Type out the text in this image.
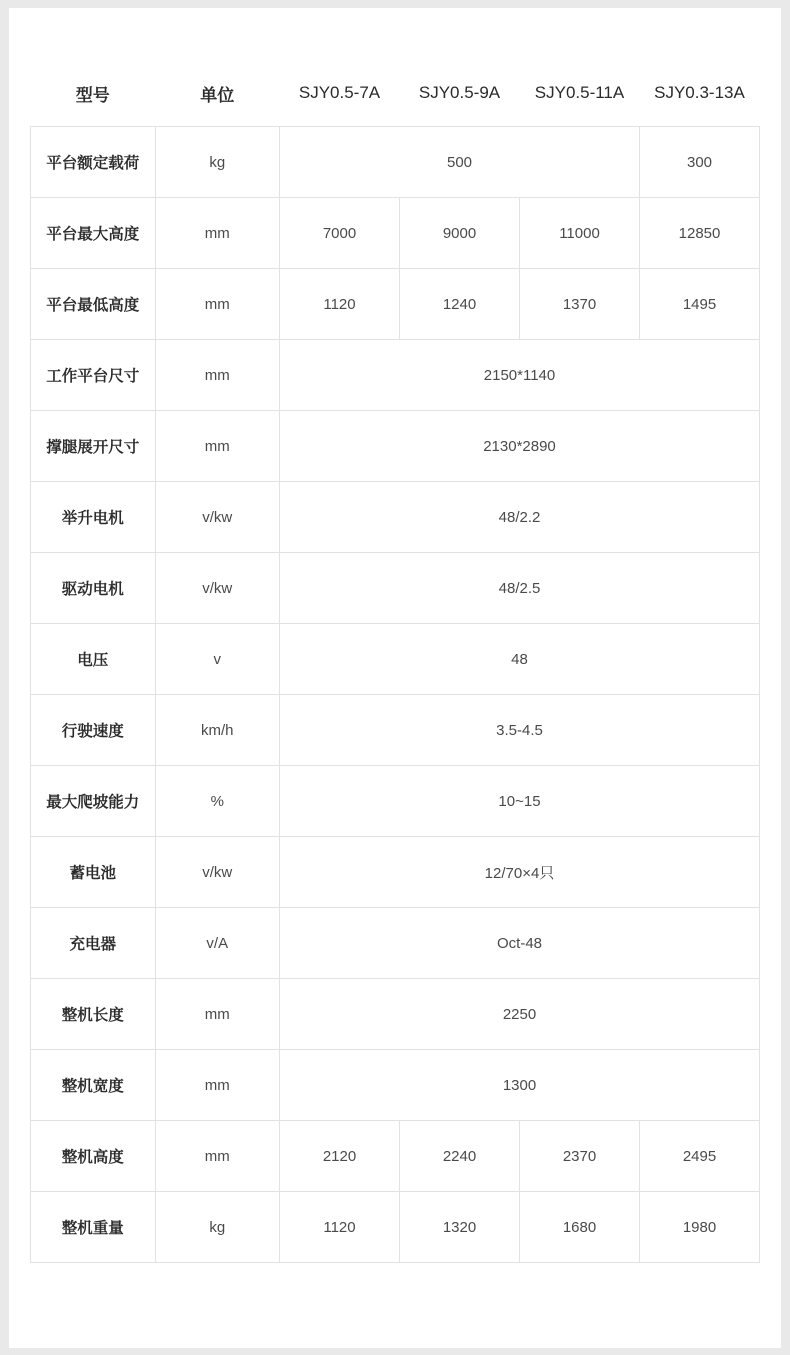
型号	单位	SJY0.5-7A	SJY0.5-9A	SJY0.5-11A	SJY0.3-13A
平台额定载荷	kg	500			300
平台最大高度	mm	7000	9000	11000	12850
平台最低高度	mm	1120	1240	1370	1495
工作平台尺寸	mm	2150*1140			
撑腿展开尺寸	mm	2130*2890			
举升电机	v/kw	48/2.2			
驱动电机	v/kw	48/2.5			
电压	v	48			
行驶速度	km/h	3.5-4.5			
最大爬坡能力	%	10~15			
蓄电池	v/kw	12/70×4只			
充电器	v/A	Oct-48			
整机长度	mm	2250			
整机宽度	mm	1300			
整机高度	mm	2120	2240	2370	2495
整机重量	kg	1120	1320	1680	1980
